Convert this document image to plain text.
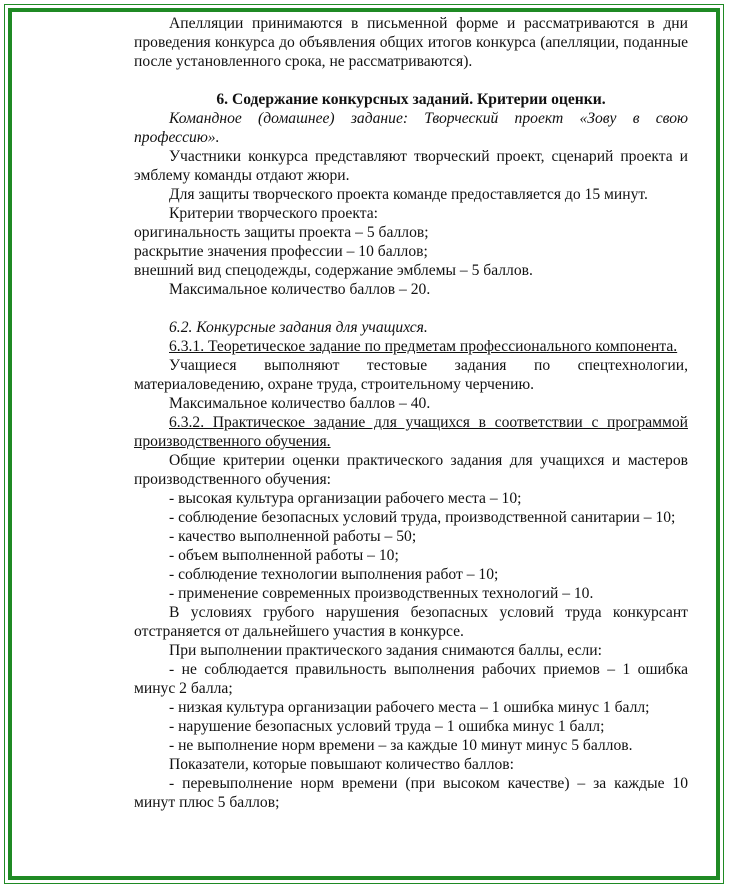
Апелляции принимаются в письменной форме и рассматриваются в дни проведения конкурса до объявления общих итогов конкурса (апелляции, поданные после установленного срока, не рассматриваются).

6. Содержание конкурсных заданий. Критерии оценки.

Командное (домашнее) задание: Творческий проект «Зову в свою профессию».

Участники конкурса представляют творческий проект, сценарий проекта и эмблему команды отдают жюри.

Для защиты творческого проекта команде предоставляется до 15 минут.

Критерии творческого проекта:

оригинальность защиты проекта – 5 баллов;

раскрытие значения профессии – 10 баллов;

внешний вид спецодежды, содержание эмблемы – 5 баллов.

Максимальное количество баллов – 20.

6.2. Конкурсные задания для учащихся.

6.3.1. Теоретическое задание по предметам профессионального компонента.

Учащиеся выполняют тестовые задания по спецтехнологии, материаловедению, охране труда, строительному черчению.

Максимальное количество баллов – 40.

6.3.2. Практическое задание для учащихся в соответствии с программой производственного обучения.

Общие критерии оценки практического задания для учащихся и мастеров производственного обучения:

- высокая культура организации рабочего места – 10;

- соблюдение безопасных условий труда, производственной санитарии – 10;

- качество выполненной работы – 50;

- объем выполненной работы – 10;

- соблюдение технологии выполнения работ – 10;

- применение современных производственных технологий – 10.

В условиях грубого нарушения безопасных условий труда конкурсант отстраняется от дальнейшего участия в конкурсе.

При выполнении практического задания снимаются баллы, если:

- не соблюдается правильность выполнения рабочих приемов – 1 ошибка минус 2 балла;

- низкая культура организации рабочего места – 1 ошибка минус 1 балл;

- нарушение безопасных условий труда – 1 ошибка минус 1 балл;

- не выполнение норм времени – за каждые 10 минут минус 5 баллов.

Показатели, которые повышают количество баллов:

- перевыполнение норм времени (при высоком качестве) – за каждые 10 минут плюс 5 баллов;
